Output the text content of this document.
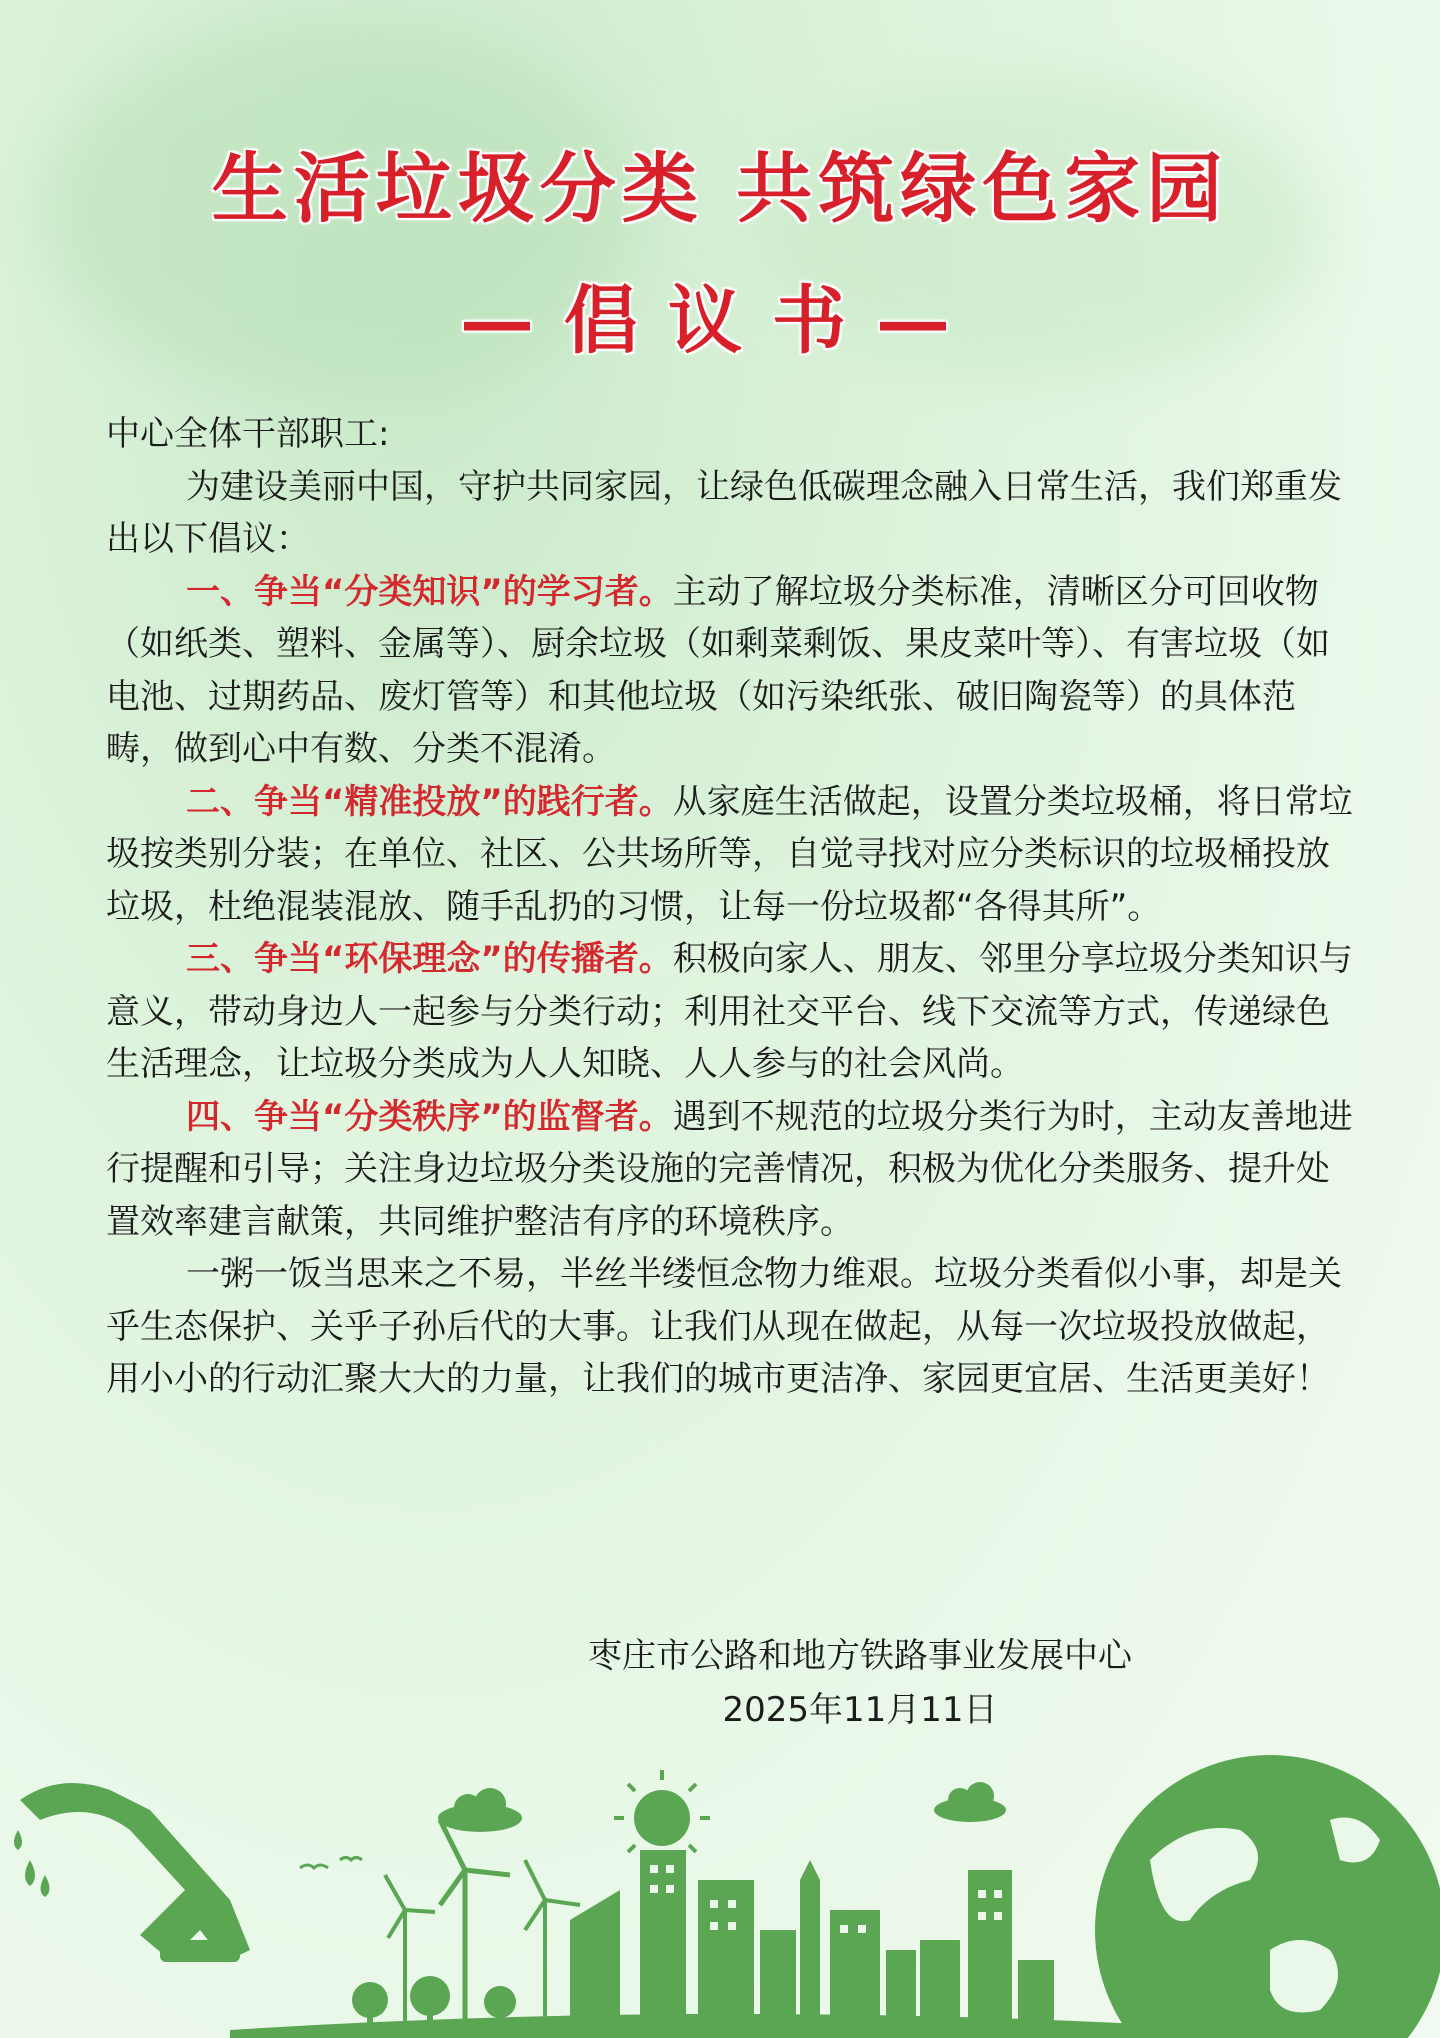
生活垃圾分类 共筑绿色家园
—倡议书—

中心全体干部职工:

为建设美丽中国，守护共同家园，让绿色低碳理念融入日常生活，我们郑重发出以下倡议：

一、争当“分类知识”的学习者。主动了解垃圾分类标准，清晰区分可回收物（如纸类、塑料、金属等）、厨余垃圾（如剩菜剩饭、果皮菜叶等）、有害垃圾（如电池、过期药品、废灯管等）和其他垃圾（如污染纸张、破旧陶瓷等）的具体范畴，做到心中有数、分类不混淆。

二、争当“精准投放”的践行者。从家庭生活做起，设置分类垃圾桶，将日常垃圾按类别分装；在单位、社区、公共场所等，自觉寻找对应分类标识的垃圾桶投放垃圾，杜绝混装混放、随手乱扔的习惯，让每一份垃圾都“各得其所”。

三、争当“环保理念”的传播者。积极向家人、朋友、邻里分享垃圾分类知识与意义，带动身边人一起参与分类行动；利用社交平台、线下交流等方式，传递绿色生活理念，让垃圾分类成为人人知晓、人人参与的社会风尚。

四、争当“分类秩序”的监督者。遇到不规范的垃圾分类行为时，主动友善地进行提醒和引导；关注身边垃圾分类设施的完善情况，积极为优化分类服务、提升处置效率建言献策，共同维护整洁有序的环境秩序。

一粥一饭当思来之不易，半丝半缕恒念物力维艰。垃圾分类看似小事，却是关乎生态保护、关乎子孙后代的大事。让我们从现在做起，从每一次垃圾投放做起，用小小的行动汇聚大大的力量，让我们的城市更洁净、家园更宜居、生活更美好！

枣庄市公路和地方铁路事业发展中心
2025年11月11日
